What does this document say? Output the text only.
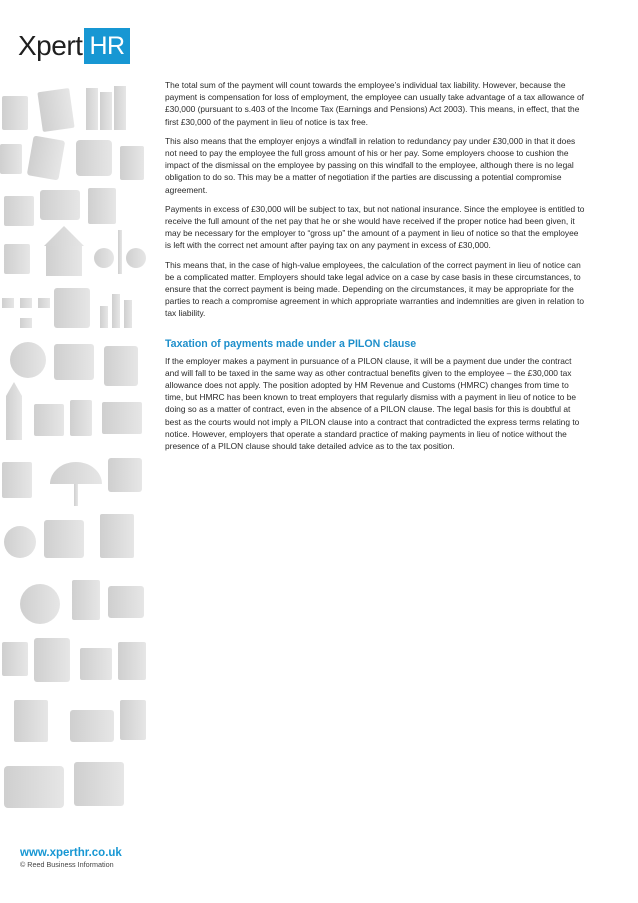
Xpert HR

The total sum of the payment will count towards the employee’s individual tax liability. However, because the payment is compensation for loss of employment, the employee can usually take advantage of a tax allowance of £30,000 (pursuant to s.403 of the Income Tax (Earnings and Pensions) Act 2003). This means, in effect, that the first £30,000 of the payment in lieu of notice is tax free.

This also means that the employer enjoys a windfall in relation to redundancy pay under £30,000 in that it does not need to pay the employee the full gross amount of his or her pay. Some employers choose to cushion the impact of the dismissal on the employee by passing on this windfall to the employee, although there is no legal obligation to do so. This may be a matter of negotiation if the parties are discussing a potential compromise agreement.

Payments in excess of £30,000 will be subject to tax, but not national insurance. Since the employee is entitled to receive the full amount of the net pay that he or she would have received if the proper notice had been given, it may be necessary for the employer to “gross up” the amount of a payment in lieu of notice so that the employee is left with the correct net amount after paying tax on any payment in excess of £30,000.

This means that, in the case of high-value employees, the calculation of the correct payment in lieu of notice can be a complicated matter. Employers should take legal advice on a case by case basis in these circumstances, to ensure that the correct payment is being made. Depending on the circumstances, it may be appropriate for the parties to reach a compromise agreement in which appropriate warranties and indemnities are given in relation to tax liability.

Taxation of payments made under a PILON clause

If the employer makes a payment in pursuance of a PILON clause, it will be a payment due under the contract and will fall to be taxed in the same way as other contractual benefits given to the employee – the £30,000 tax allowance does not apply. The position adopted by HM Revenue and Customs (HMRC) changes from time to time, but HMRC has been known to treat employers that regularly dismiss with a payment in lieu of notice to be doing so as a matter of contract, even in the absence of a PILON clause. The legal basis for this is doubtful at best as the courts would not imply a PILON clause into a contract that contradicted the express terms relating to notice. However, employers that operate a standard practice of making payments in lieu of notice without the presence of a PILON clause should take detailed advice as to the tax position.

www.xperthr.co.uk
© Reed Business Information
